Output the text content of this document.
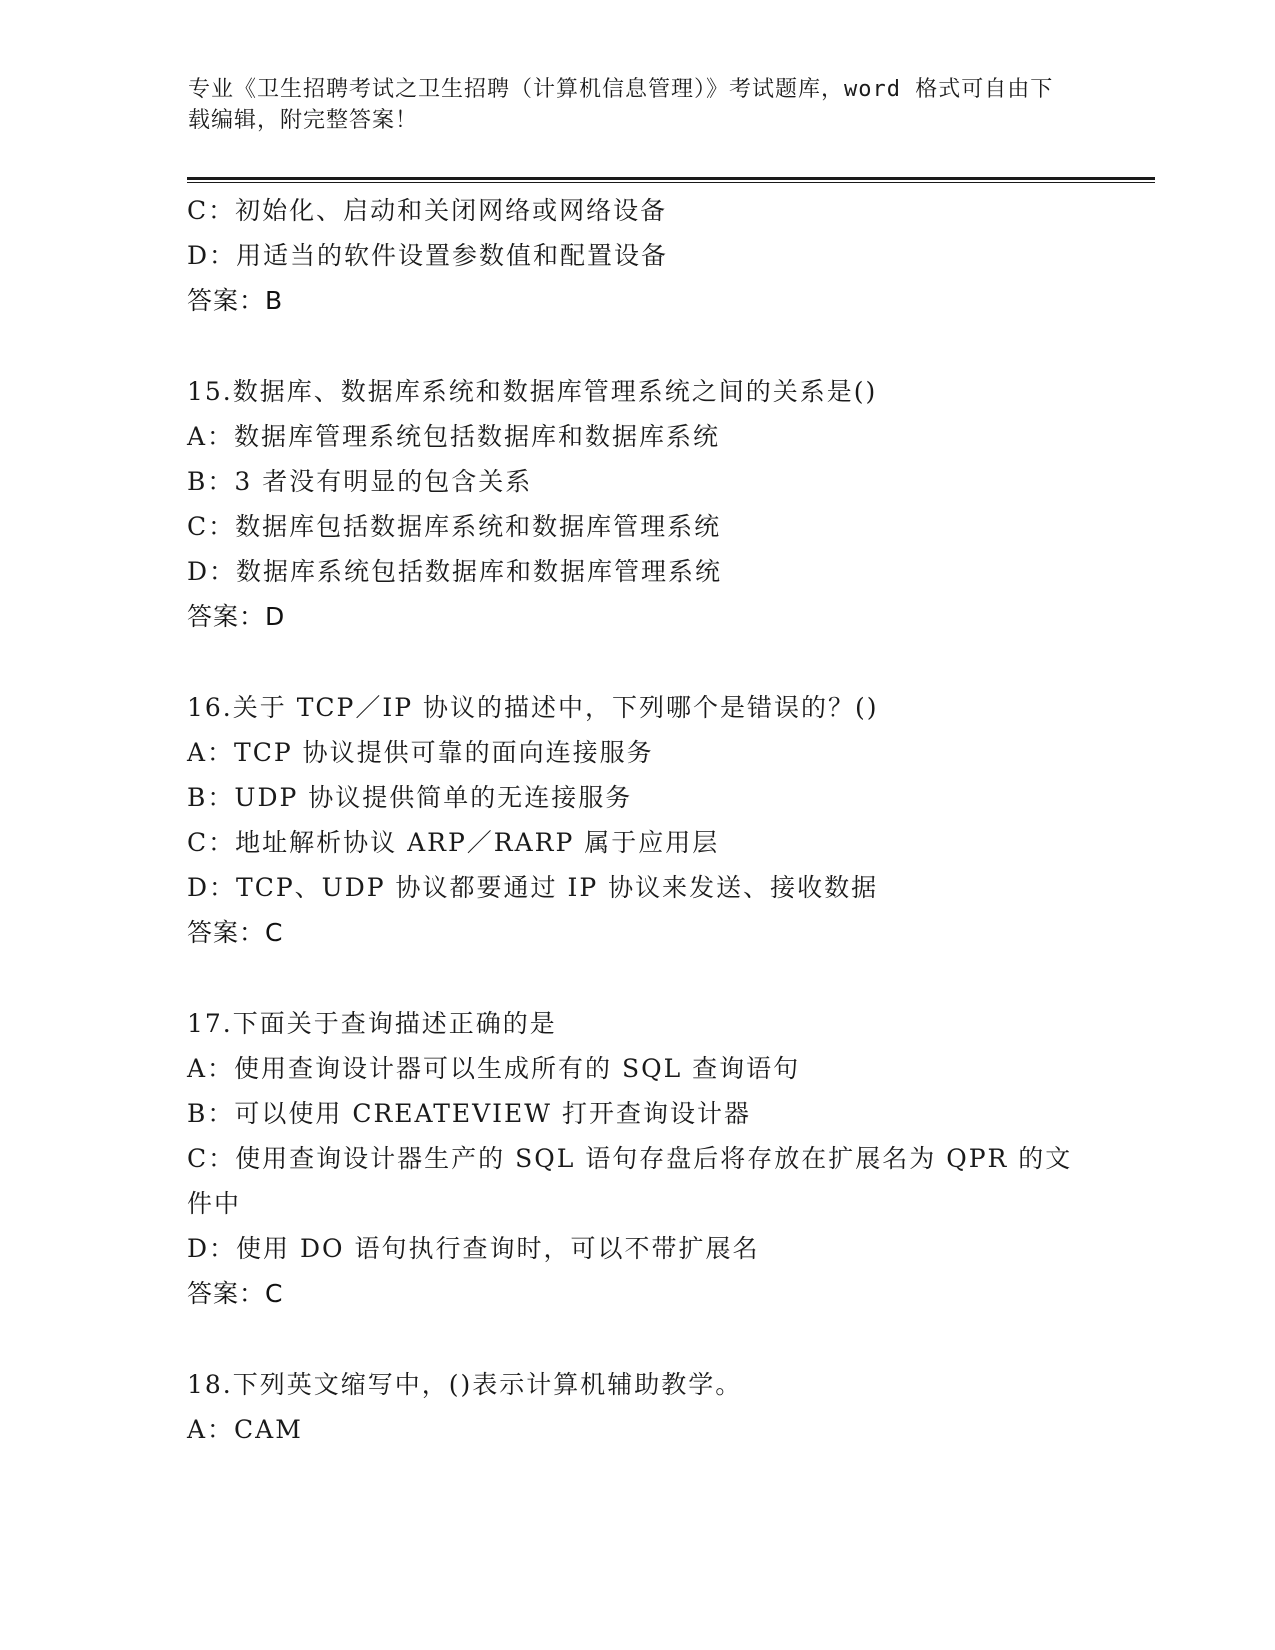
专业《卫生招聘考试之卫生招聘（计算机信息管理）》考试题库，word 格式可自由下载编辑，附完整答案！
C：初始化、启动和关闭网络或网络设备
D：用适当的软件设置参数值和配置设备
答案：B
15.数据库、数据库系统和数据库管理系统之间的关系是()
A：数据库管理系统包括数据库和数据库系统
B：3 者没有明显的包含关系
C：数据库包括数据库系统和数据库管理系统
D：数据库系统包括数据库和数据库管理系统
答案：D
16.关于 TCP／IP 协议的描述中，下列哪个是错误的？()
A：TCP 协议提供可靠的面向连接服务
B：UDP 协议提供简单的无连接服务
C：地址解析协议 ARP／RARP 属于应用层
D：TCP、UDP 协议都要通过 IP 协议来发送、接收数据
答案：C
17.下面关于查询描述正确的是
A：使用查询设计器可以生成所有的 SQL 查询语句
B：可以使用 CREATEVIEW 打开查询设计器
C：使用查询设计器生产的 SQL 语句存盘后将存放在扩展名为 QPR 的文
件中
D：使用 DO 语句执行查询时，可以不带扩展名
答案：C
18.下列英文缩写中，()表示计算机辅助教学。
A：CAM
